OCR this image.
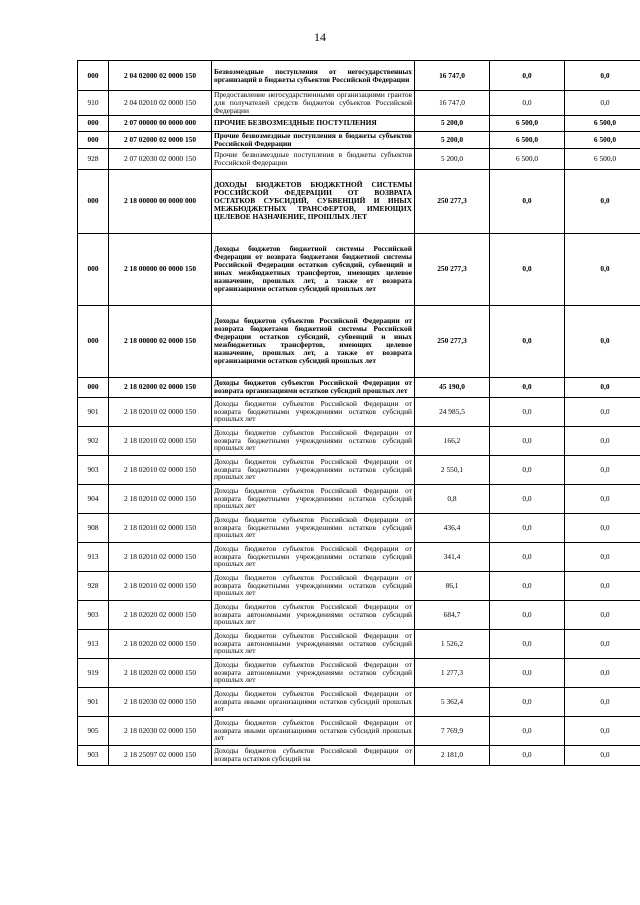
14
000	2 04 02000 02 0000 150	Безвозмездные поступления от негосударственных организаций в бюджеты субъектов Российской Федерации	16 747,0	0,0	0,0
910	2 04 02010 02 0000 150	Предоставление негосударственными организациями грантов для получателей средств бюджетов субъектов Российской Федерации	16 747,0	0,0	0,0
000	2 07 00000 00 0000 000	ПРОЧИЕ БЕЗВОЗМЕЗДНЫЕ ПОСТУПЛЕНИЯ	5 200,0	6 500,0	6 500,0
000	2 07 02000 02 0000 150	Прочие безвозмездные поступления в бюджеты субъектов Российской Федерации	5 200,0	6 500,0	6 500,0
928	2 07 02030 02 0000 150	Прочие безвозмездные поступления в бюджеты субъектов Российской Федерации	5 200,0	6 500,0	6 500,0
000	2 18 00000 00 0000 000	ДОХОДЫ БЮДЖЕТОВ БЮДЖЕТНОЙ СИСТЕМЫ РОССИЙСКОЙ ФЕДЕРАЦИИ ОТ ВОЗВРАТА ОСТАТКОВ СУБСИДИЙ, СУБВЕНЦИЙ И ИНЫХ МЕЖБЮДЖЕТНЫХ ТРАНСФЕРТОВ, ИМЕЮЩИХ ЦЕЛЕВОЕ НАЗНАЧЕНИЕ, ПРОШЛЫХ ЛЕТ	250 277,3	0,0	0,0
000	2 18 00000 00 0000 150	Доходы бюджетов бюджетной системы Российской Федерации от возврата бюджетами бюджетной системы Российской Федерации остатков субсидий, субвенций и иных межбюджетных трансфертов, имеющих целевое назначение, прошлых лет, а также от возврата организациями остатков субсидий прошлых лет	250 277,3	0,0	0,0
000	2 18 00000 02 0000 150	Доходы бюджетов субъектов Российской Федерации от возврата бюджетами бюджетной системы Российской Федерации остатков субсидий, субвенций и иных межбюджетных трансфертов, имеющих целевое назначение, прошлых лет, а также от возврата организациями остатков субсидий прошлых лет	250 277,3	0,0	0,0
000	2 18 02000 02 0000 150	Доходы бюджетов субъектов Российской Федерации от возврата организациями остатков субсидий прошлых лет	45 190,0	0,0	0,0
901	2 18 02010 02 0000 150	Доходы бюджетов субъектов Российской Федерации от возврата бюджетными учреждениями остатков субсидий прошлых лет	24 985,5	0,0	0,0
902	2 18 02010 02 0000 150	Доходы бюджетов субъектов Российской Федерации от возврата бюджетными учреждениями остатков субсидий прошлых лет	166,2	0,0	0,0
903	2 18 02010 02 0000 150	Доходы бюджетов субъектов Российской Федерации от возврата бюджетными учреждениями остатков субсидий прошлых лет	2 550,1	0,0	0,0
904	2 18 02010 02 0000 150	Доходы бюджетов субъектов Российской Федерации от возврата бюджетными учреждениями остатков субсидий прошлых лет	0,8	0,0	0,0
908	2 18 02010 02 0000 150	Доходы бюджетов субъектов Российской Федерации от возврата бюджетными учреждениями остатков субсидий прошлых лет	436,4	0,0	0,0
913	2 18 02010 02 0000 150	Доходы бюджетов субъектов Российской Федерации от возврата бюджетными учреждениями остатков субсидий прошлых лет	341,4	0,0	0,0
928	2 18 02010 02 0000 150	Доходы бюджетов субъектов Российской Федерации от возврата бюджетными учреждениями остатков субсидий прошлых лет	86,1	0,0	0,0
903	2 18 02020 02 0000 150	Доходы бюджетов субъектов Российской Федерации от возврата автономными учреждениями остатков субсидий прошлых лет	684,7	0,0	0,0
913	2 18 02020 02 0000 150	Доходы бюджетов субъектов Российской Федерации от возврата автономными учреждениями остатков субсидий прошлых лет	1 526,2	0,0	0,0
919	2 18 02020 02 0000 150	Доходы бюджетов субъектов Российской Федерации от возврата автономными учреждениями остатков субсидий прошлых лет	1 277,3	0,0	0,0
901	2 18 02030 02 0000 150	Доходы бюджетов субъектов Российской Федерации от возврата иными организациями остатков субсидий прошлых лет	5 362,4	0,0	0,0
905	2 18 02030 02 0000 150	Доходы бюджетов субъектов Российской Федерации от возврата иными организациями остатков субсидий прошлых лет	7 769,9	0,0	0,0
903	2 18 25097 02 0000 150	Доходы бюджетов субъектов Российской Федерации от возврата остатков субсидий на	2 181,0	0,0	0,0
